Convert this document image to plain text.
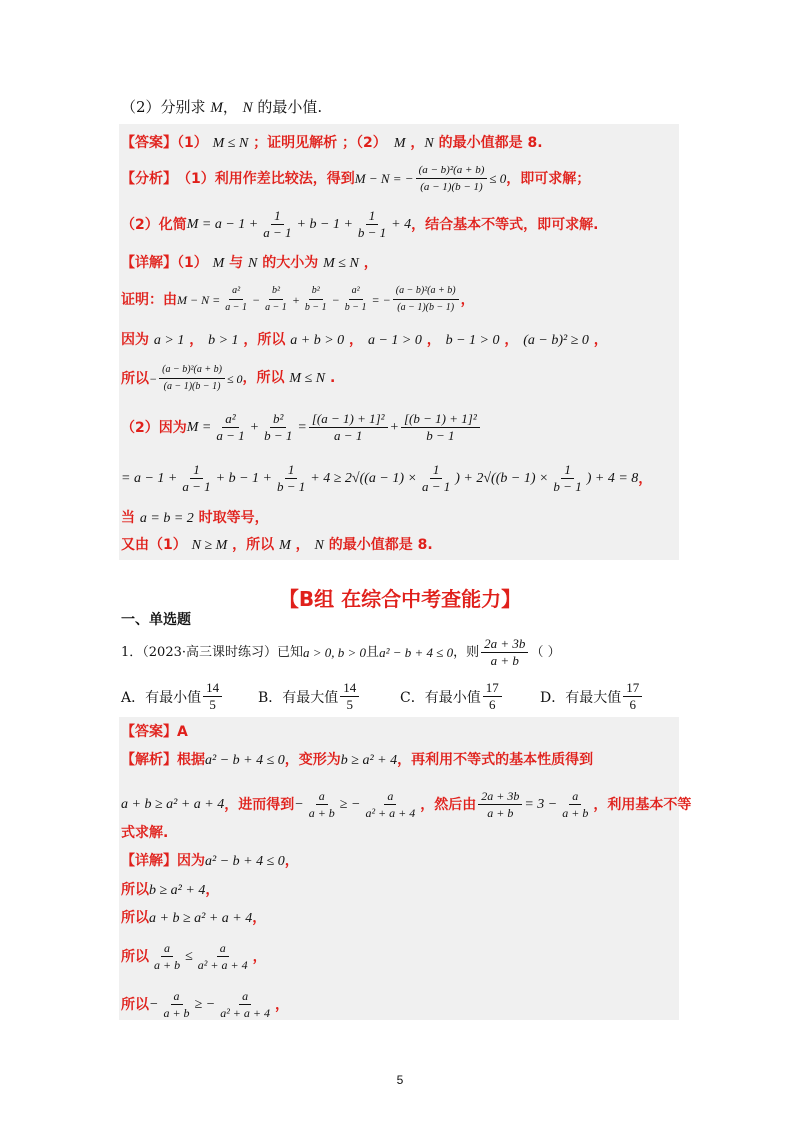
（2）分别求 M， N 的最小值.
【答案】（1） M ≤ N ；证明见解析 ；（2）　M ，N 的最小值都是 8.
【分析】 （1）利用作差比较法，得到 M − N = − $\frac{\text{(a − b)²(a + b)}}{(a - 1)(b - 1)} \le 0$ ，即可求解；
（2）化简 $M = a - 1 + \frac{1}{a - 1} + b - 1 + \frac{1}{b - 1} + 4$ ，结合基本不等式，即可求解.
【详解】（1） M 与 N 的大小为 M ≤ N ，
证明：由 $M - N = \frac{\text{a²}}{a - 1} - \frac{\text{b²}}{a - 1} + \frac{\text{b²}}{b - 1} - \frac{\text{a²}}{b - 1}$ = − $\frac{\text{(a − b)²(a + b)}}{(a - 1)(b - 1)}$ ，
因为 a > 1 ， b > 1 ，所以 a + b > 0 ， a − 1 > 0 ， b − 1 > 0 ， (a − b)² ≥ 0 ，
所以 − $\frac{\text{(a − b)²(a + b)}}{(a - 1)(b - 1)} \le 0$ ，所以 M ≤ N .
（2）因为 $M = \frac{\text{a²}}{a - 1} + \frac{\text{b²}}{b - 1} = \frac{\text{[(a − 1) + 1]²}}{a - 1} + \frac{\text{[(b − 1) + 1]²}}{b - 1}$
= $a - 1 + \frac{1}{a - 1} + b - 1 + \frac{1}{b - 1} + 4 \ge 2√$( $(a - 1) \times \frac{1}{a - 1}$ ) + 2√( $(b - 1) \times \frac{1}{b - 1}$ ) + 4 = 8 ，
当 a = b = 2 时取等号，
又由（1） N ≥ M ，所以 M ， N 的最小值都是 8.
【B组 在综合中考查能力】
一、单选题
1．（2023·高三课时练习）已知 a > 0, b > 0 且 a² − b + 4 ≤ 0 ，则 $\frac{2a + 3b}{a + b}$ （ ）
A．有最小值 $\frac{14}{5}$	B．有最大值 $\frac{14}{5}$	C．有最小值 $\frac{17}{6}$	D．有最大值 $\frac{17}{6}$
【答案】A
【解析】根据a² − b + 4 ≤ 0，变形为b ≥ a² + 4，再利用不等式的基本性质得到
a + b ≥ a² + a + 4 ，进而得到 − $\frac{a}{a + b}$ ≥ − $\frac{a}{\text{a² + a + 4}}$ ，然后由 $\frac{2a + 3b}{a + b} = 3 - \frac{a}{a + b}$ ，利用基本不等
式求解.
【详解】因为a² − b + 4 ≤ 0，
所以b ≥ a² + 4，
所以a + b ≥ a² + a + 4，
所以 $\frac{a}{a + b} \le \frac{a}{\text{a² + a + 4}}$ ，
所以 − $\frac{a}{a + b}$ ≥ − $\frac{a}{\text{a² + a + 4}}$ ，
5
